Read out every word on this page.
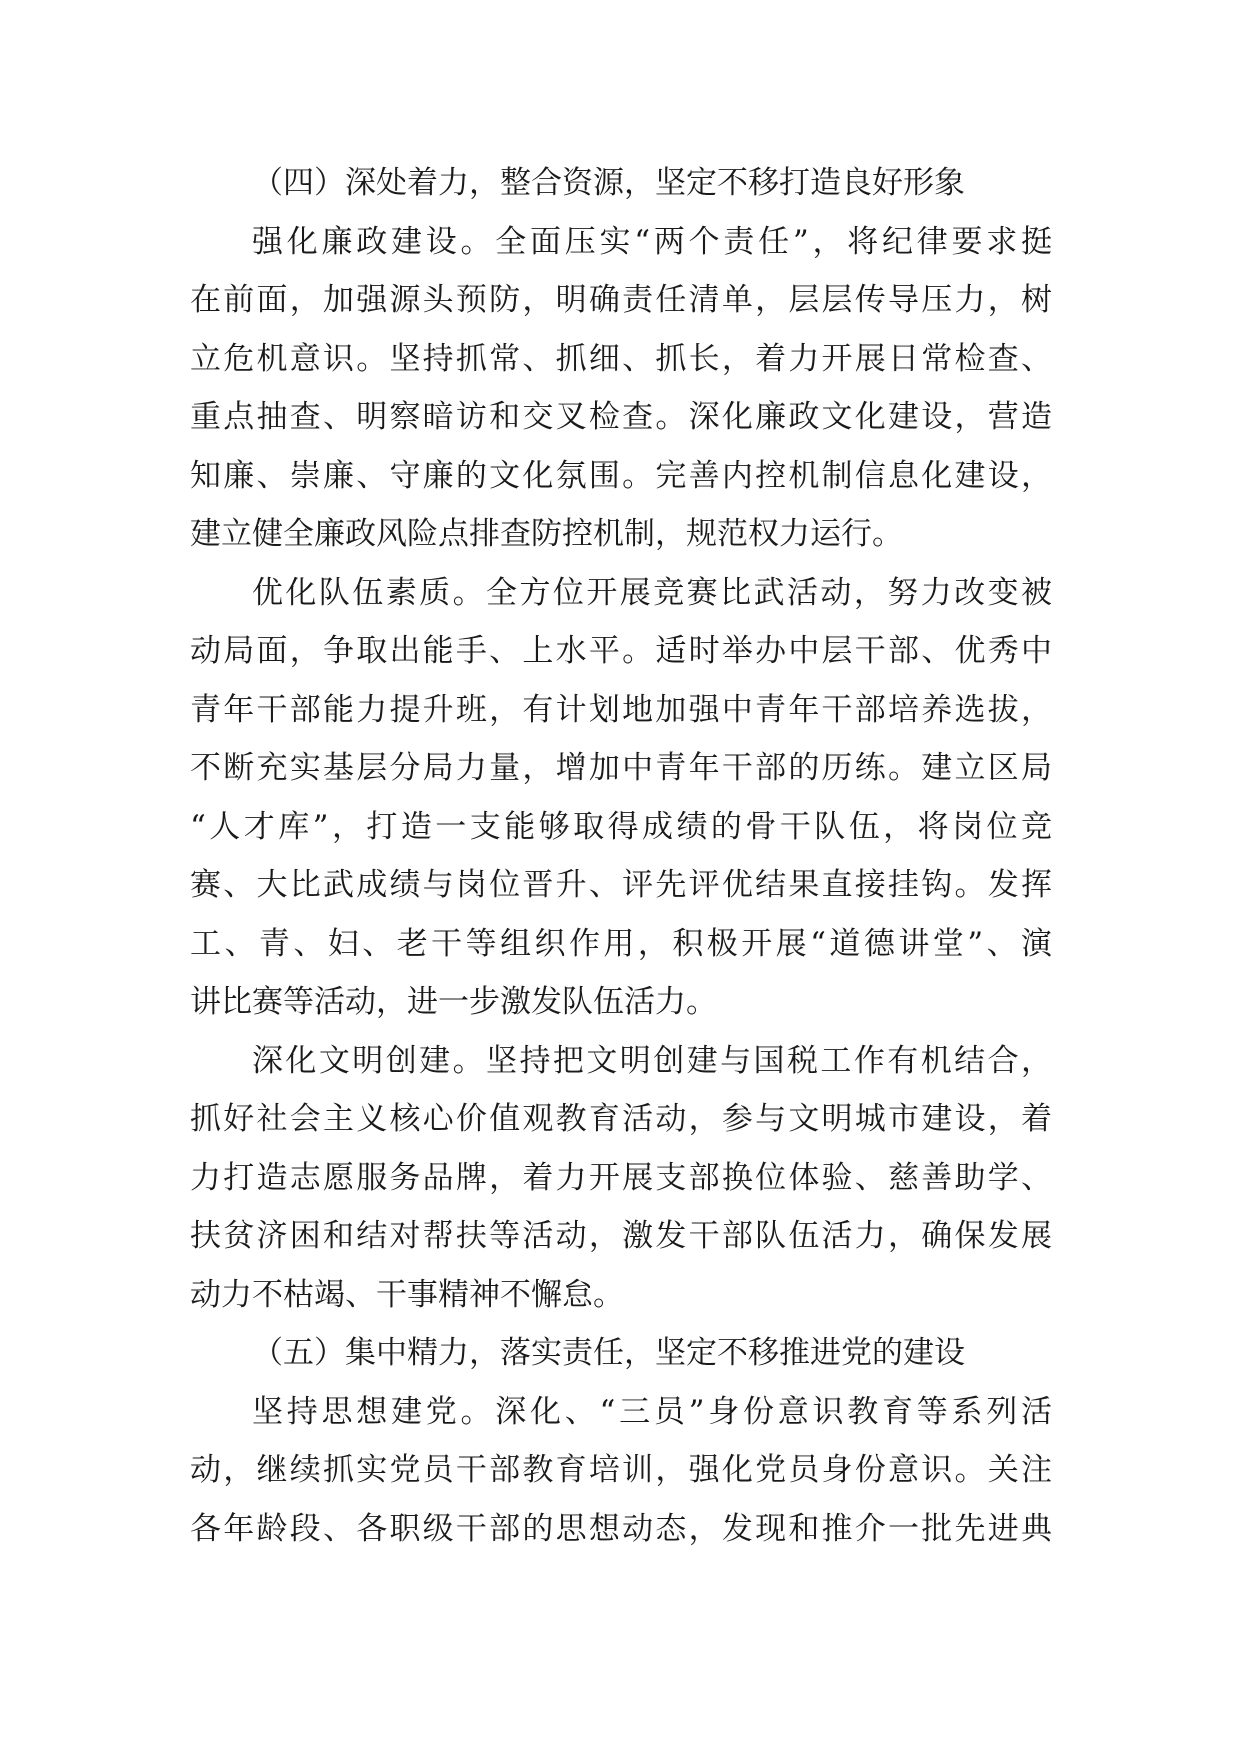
（四）深处着力，整合资源，坚定不移打造良好形象
强化廉政建设。全面压实“两个责任”，将纪律要求挺
在前面，加强源头预防，明确责任清单，层层传导压力，树
立危机意识。坚持抓常、抓细、抓长，着力开展日常检查、
重点抽查、明察暗访和交叉检查。深化廉政文化建设，营造
知廉、崇廉、守廉的文化氛围。完善内控机制信息化建设，
建立健全廉政风险点排查防控机制，规范权力运行。
优化队伍素质。全方位开展竞赛比武活动，努力改变被
动局面，争取出能手、上水平。适时举办中层干部、优秀中
青年干部能力提升班，有计划地加强中青年干部培养选拔，
不断充实基层分局力量，增加中青年干部的历练。建立区局
“人才库”，打造一支能够取得成绩的骨干队伍，将岗位竞
赛、大比武成绩与岗位晋升、评先评优结果直接挂钩。发挥
工、青、妇、老干等组织作用，积极开展“道德讲堂”、演
讲比赛等活动，进一步激发队伍活力。
深化文明创建。坚持把文明创建与国税工作有机结合，
抓好社会主义核心价值观教育活动，参与文明城市建设，着
力打造志愿服务品牌，着力开展支部换位体验、慈善助学、
扶贫济困和结对帮扶等活动，激发干部队伍活力，确保发展
动力不枯竭、干事精神不懈怠。
（五）集中精力，落实责任，坚定不移推进党的建设
坚持思想建党。深化、“三员”身份意识教育等系列活
动，继续抓实党员干部教育培训，强化党员身份意识。关注
各年龄段、各职级干部的思想动态，发现和推介一批先进典
